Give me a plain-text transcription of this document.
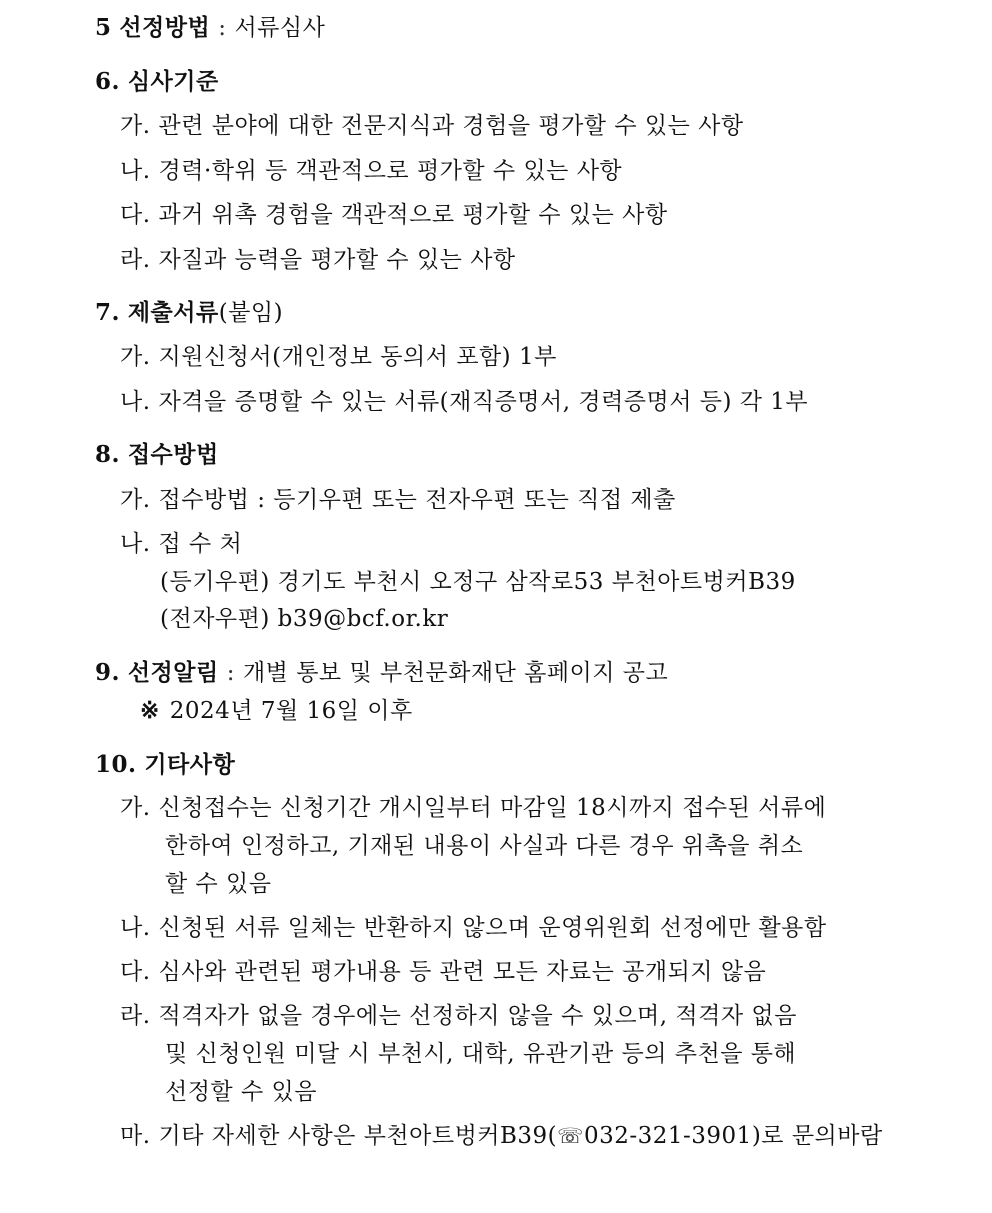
5 선정방법 : 서류심사
6. 심사기준
가. 관련 분야에 대한 전문지식과 경험을 평가할 수 있는 사항
나. 경력·학위 등 객관적으로 평가할 수 있는 사항
다. 과거 위촉 경험을 객관적으로 평가할 수 있는 사항
라. 자질과 능력을 평가할 수 있는 사항
7. 제출서류(붙임)
가. 지원신청서(개인정보 동의서 포함) 1부
나. 자격을 증명할 수 있는 서류(재직증명서, 경력증명서 등) 각 1부
8. 접수방법
가. 접수방법 : 등기우편 또는 전자우편 또는 직접 제출
나. 접 수 처
(등기우편) 경기도 부천시 오정구 삼작로53 부천아트벙커B39
(전자우편) b39@bcf.or.kr
9. 선정알림 : 개별 통보 및 부천문화재단 홈페이지 공고
※ 2024년 7월 16일 이후
10. 기타사항
가. 신청접수는 신청기간 개시일부터 마감일 18시까지 접수된 서류에
한하여 인정하고, 기재된 내용이 사실과 다른 경우 위촉을 취소
할 수 있음
나. 신청된 서류 일체는 반환하지 않으며 운영위원회 선정에만 활용함
다. 심사와 관련된 평가내용 등 관련 모든 자료는 공개되지 않음
라. 적격자가 없을 경우에는 선정하지 않을 수 있으며, 적격자 없음
및 신청인원 미달 시 부천시, 대학, 유관기관 등의 추천을 통해
선정할 수 있음
마. 기타 자세한 사항은 부천아트벙커B39(☏032-321-3901)로 문의바람
